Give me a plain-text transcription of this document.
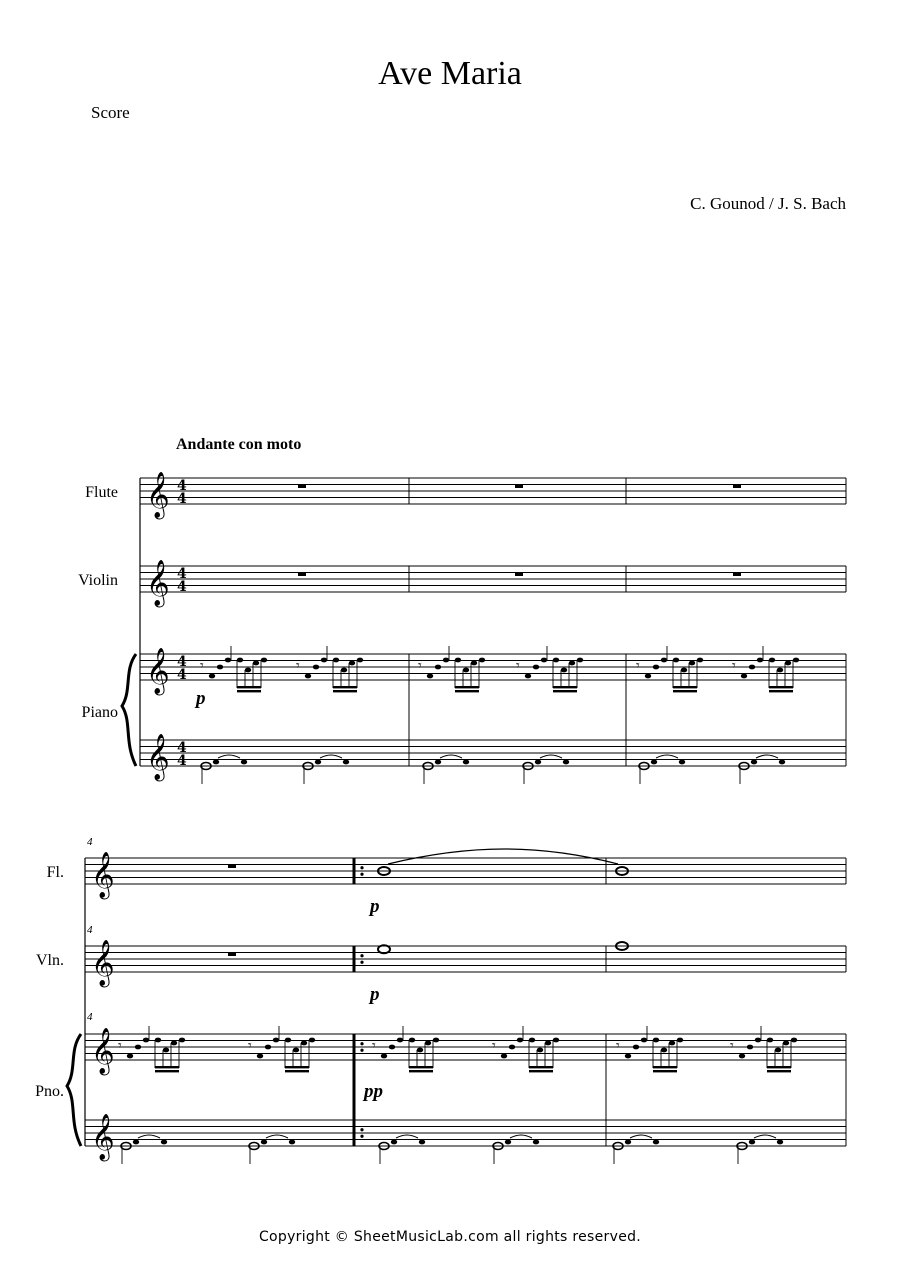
Ave Maria
Score
C. Gounod / J. S. Bach
Andante con moto
Flute
Violin
Piano
Fl.
Vln.
Pno.
4
4
4
p
p
p
pp
𝄞 4
4
𝄞 4
4
𝄞 4
4
𝄞 4
4
𝄞
𝄞
𝄞
𝄞
𝄾	𝄾	𝄾	𝄾	𝄾	𝄾
𝄾	𝄾	𝄾	𝄾	𝄾	𝄾
Copyright © SheetMusicLab.com all rights reserved.
